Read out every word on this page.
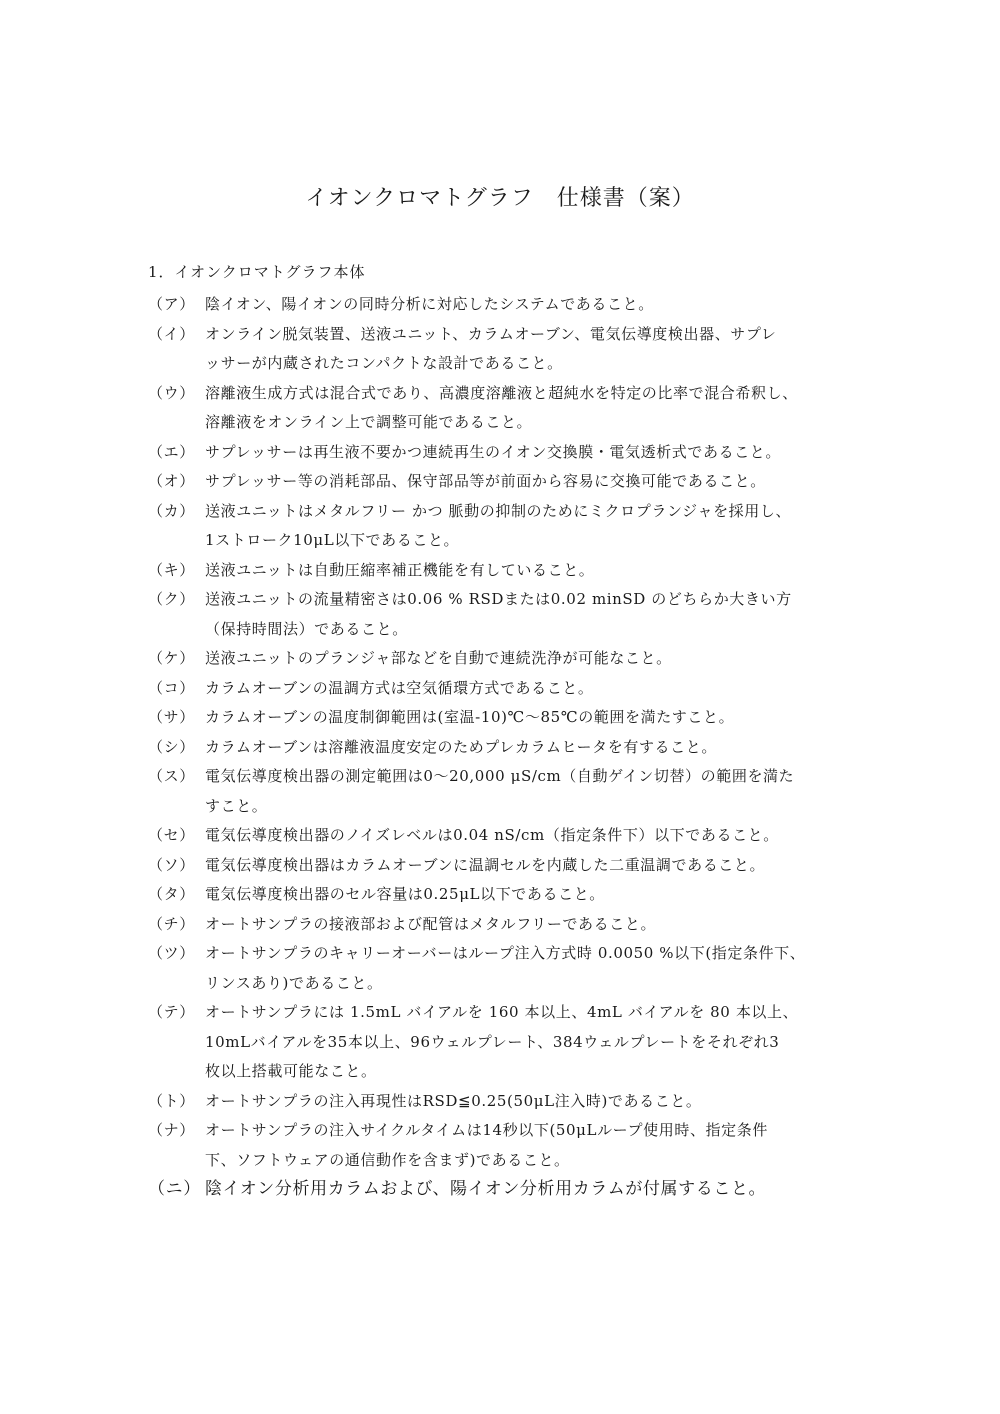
イオンクロマトグラフ　仕様書（案）
1．イオンクロマトグラフ本体
（ア） 陰イオン、陽イオンの同時分析に対応したシステムであること。
（イ） オンライン脱気装置、送液ユニット、カラムオーブン、電気伝導度検出器、サプレ
ッサーが内蔵されたコンパクトな設計であること。
（ウ） 溶離液生成方式は混合式であり、高濃度溶離液と超純水を特定の比率で混合希釈し、
溶離液をオンライン上で調整可能であること。
（エ） サプレッサーは再生液不要かつ連続再生のイオン交換膜・電気透析式であること。
（オ） サプレッサー等の消耗部品、保守部品等が前面から容易に交換可能であること。
（カ） 送液ユニットはメタルフリー かつ 脈動の抑制のためにミクロプランジャを採用し、
1ストローク10μL以下であること。
（キ） 送液ユニットは自動圧縮率補正機能を有していること。
（ク） 送液ユニットの流量精密さは0.06 % RSDまたは0.02 minSD のどちらか大きい方
（保持時間法）であること。
（ケ） 送液ユニットのプランジャ部などを自動で連続洗浄が可能なこと。
（コ） カラムオーブンの温調方式は空気循環方式であること。
（サ） カラムオーブンの温度制御範囲は(室温-10)℃～85℃の範囲を満たすこと。
（シ） カラムオーブンは溶離液温度安定のためプレカラムヒータを有すること。
（ス） 電気伝導度検出器の測定範囲は0～20,000 μS/cm（自動ゲイン切替）の範囲を満た
すこと。
（セ） 電気伝導度検出器のノイズレベルは0.04 nS/cm（指定条件下）以下であること。
（ソ） 電気伝導度検出器はカラムオーブンに温調セルを内蔵した二重温調であること。
（タ） 電気伝導度検出器のセル容量は0.25μL以下であること。
（チ） オートサンプラの接液部および配管はメタルフリーであること。
（ツ） オートサンプラのキャリーオーバーはループ注入方式時 0.0050 %以下(指定条件下、
リンスあり)であること。
（テ） オートサンプラには 1.5mL バイアルを 160 本以上、4mL バイアルを 80 本以上、
10mLバイアルを35本以上、96ウェルプレート、384ウェルプレートをそれぞれ3
枚以上搭載可能なこと。
（ト） オートサンプラの注入再現性はRSD≦0.25(50μL注入時)であること。
（ナ） オートサンプラの注入サイクルタイムは14秒以下(50μLループ使用時、指定条件
下、ソフトウェアの通信動作を含まず)であること。
（ニ） 陰イオン分析用カラムおよび、陽イオン分析用カラムが付属すること。
